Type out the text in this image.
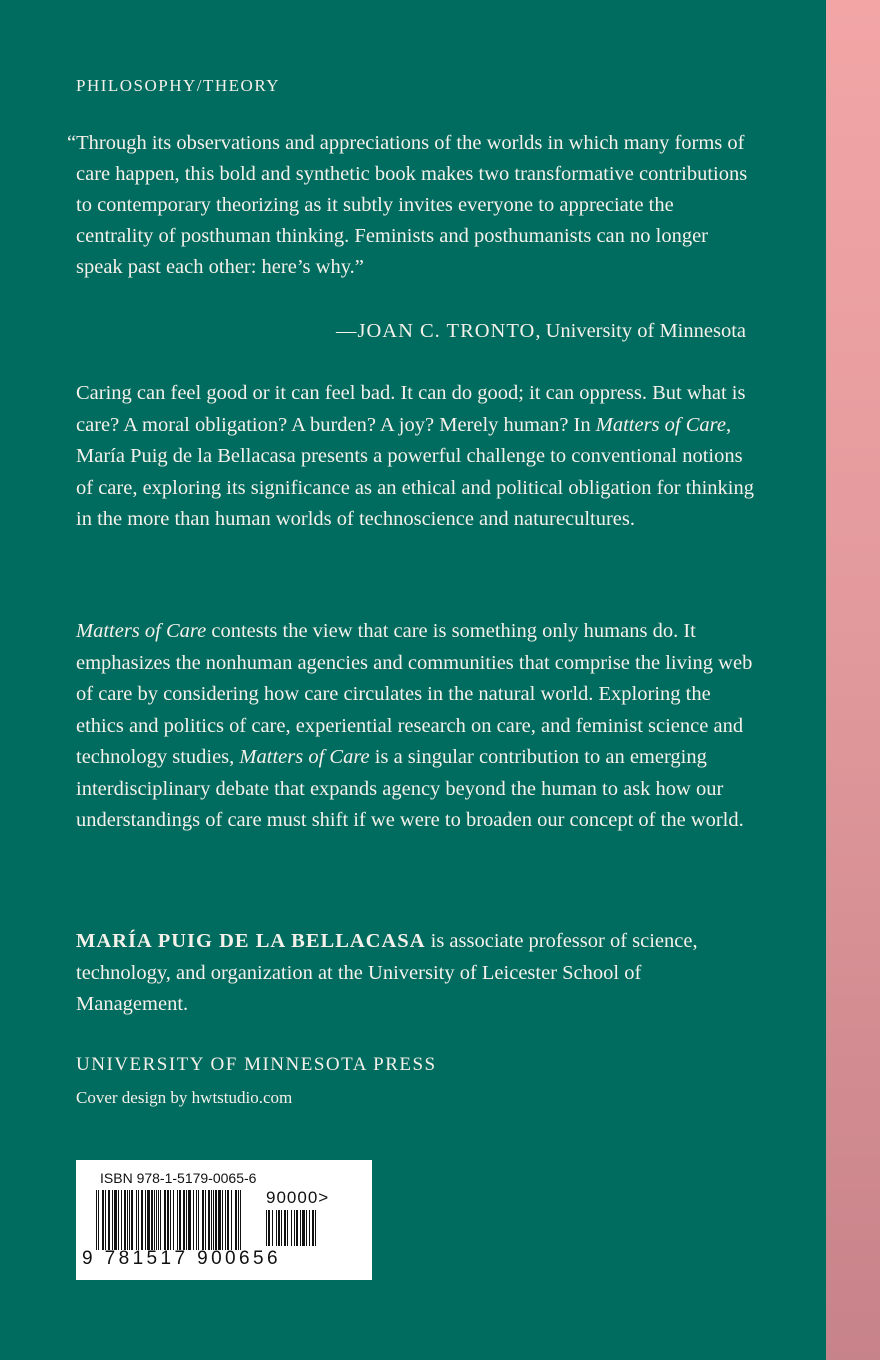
PHILOSOPHY/THEORY

“Through its observations and appreciations of the worlds in which many forms of care happen, this bold and synthetic book makes two transformative contributions to contemporary theorizing as it subtly invites everyone to appreciate the centrality of posthuman thinking. Feminists and posthumanists can no longer speak past each other: here’s why.”

—JOAN C. TRONTO, University of Minnesota

Caring can feel good or it can feel bad. It can do good; it can oppress. But what is care? A moral obligation? A burden? A joy? Merely human? In Matters of Care, María Puig de la Bellacasa presents a powerful challenge to conventional notions of care, exploring its significance as an ethical and political obligation for thinking in the more than human worlds of technoscience and naturecultures.

Matters of Care contests the view that care is something only humans do. It emphasizes the nonhuman agencies and communities that comprise the living web of care by considering how care circulates in the natural world. Exploring the ethics and politics of care, experiential research on care, and feminist science and technology studies, Matters of Care is a singular contribution to an emerging interdisciplinary debate that expands agency beyond the human to ask how our understandings of care must shift if we were to broaden our concept of the world.

MARÍA PUIG DE LA BELLACASA is associate professor of science, technology, and organization at the University of Leicester School of Management.

UNIVERSITY OF MINNESOTA PRESS

Cover design by hwtstudio.com

ISBN 978-1-5179-0065-6
90000>
9 781517 900656
